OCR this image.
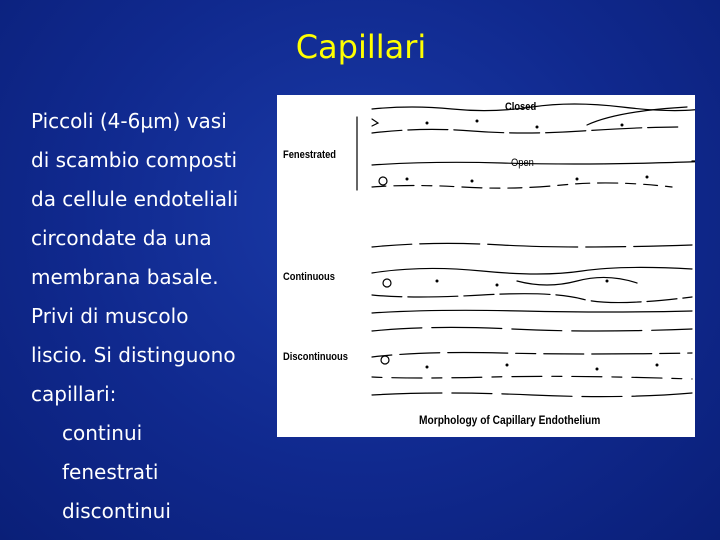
Capillari
Piccoli (4-6µm) vasi
di scambio composti
da cellule endoteliali
circondate da una
membrana basale.
Privi di muscolo
liscio. Si distinguono
capillari:
continui
fenestrati
discontinui
Closed
Open
Fenestrated
Continuous
Discontinuous
Morphology of Capillary Endothelium
